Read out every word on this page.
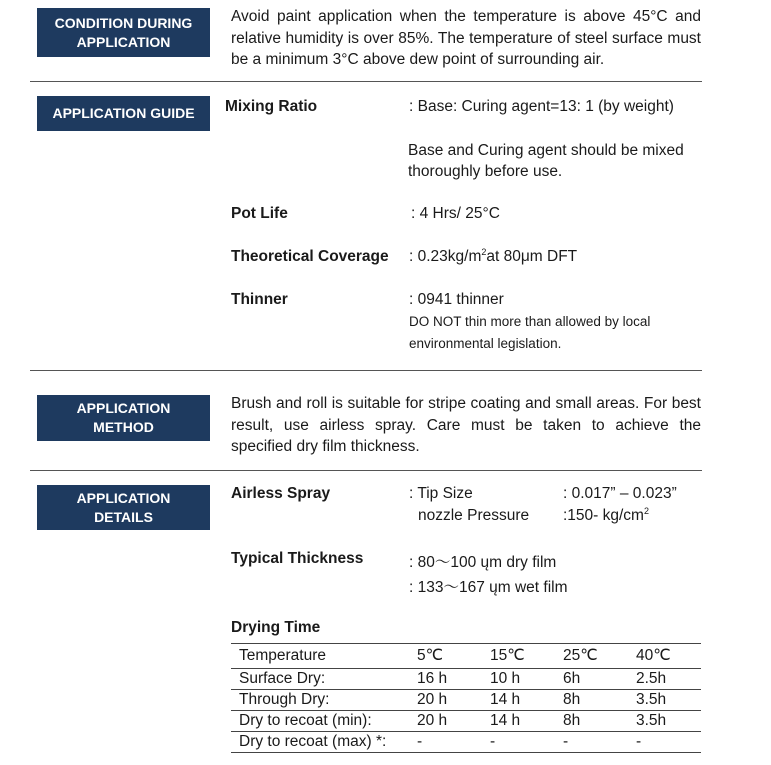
CONDITION DURING
APPLICATION
Avoid paint application when the temperature is above 45°C and relative humidity is over 85%. The temperature of steel surface must be a minimum 3°C above dew point of surrounding air.
APPLICATION GUIDE	Mixing Ratio	: Base: Curing agent=13: 1 (by weight)
Base and Curing agent should be mixed
thoroughly before use.
Pot Life	: 4 Hrs/ 25°C
Theoretical Coverage : $0.23kg/m^2at$ 80μm DFT
Thinner	: 0941 thinner
DO NOT thin more than allowed by local
environmental legislation.
APPLICATION
METHOD
Brush and roll is suitable for stripe coating and small areas. For best result, use airless spray. Care must be taken to achieve the specified dry film thickness.
APPLICATION
DETAILS
Airless Spray	: Tip Size	: 0.017” – 0.023”
nozzle Pressure :150- $kg/cm^2$
Typical Thickness	: 80～100 ųm dry film
: 133～167 ųm wet film
Drying Time
Temperature	5℃	15℃	25℃	40℃
Surface Dry:	16 h	10 h	6h	2.5h
Through Dry:	20 h	14 h	8h	3.5h
Dry to recoat (min):	20 h	14 h	8h	3.5h
Dry to recoat (max) *:	-	-	-	-
